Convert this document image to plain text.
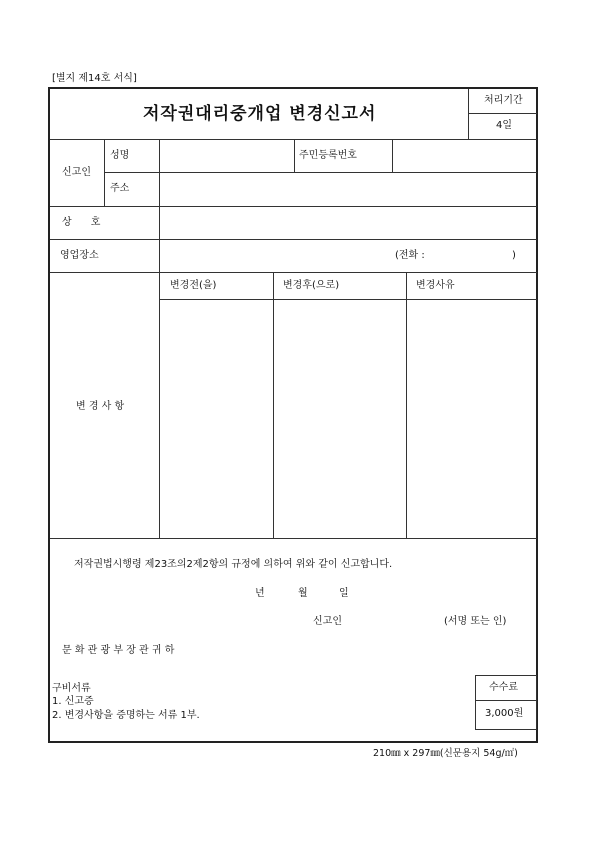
[별지 제14호 서식]
저작권대리중개업 변경신고서
처리기간
4일
신고인
성명	주민등록번호
주소
상      호
영업장소	(전화 :	)
변 경 사 항
변경전(을)	변경후(으로)	변경사유
저작권법시행령 제23조의2제2항의 규정에 의하여 위와 같이 신고합니다.
년	월	일
신고인	(서명 또는 인)
문 화 관 광 부 장 관 귀 하
구비서류
1. 신고증
2. 변경사항을 증명하는 서류 1부.
수수료
3,000원
210㎜ x 297㎜(신문용지 54g/㎡)
